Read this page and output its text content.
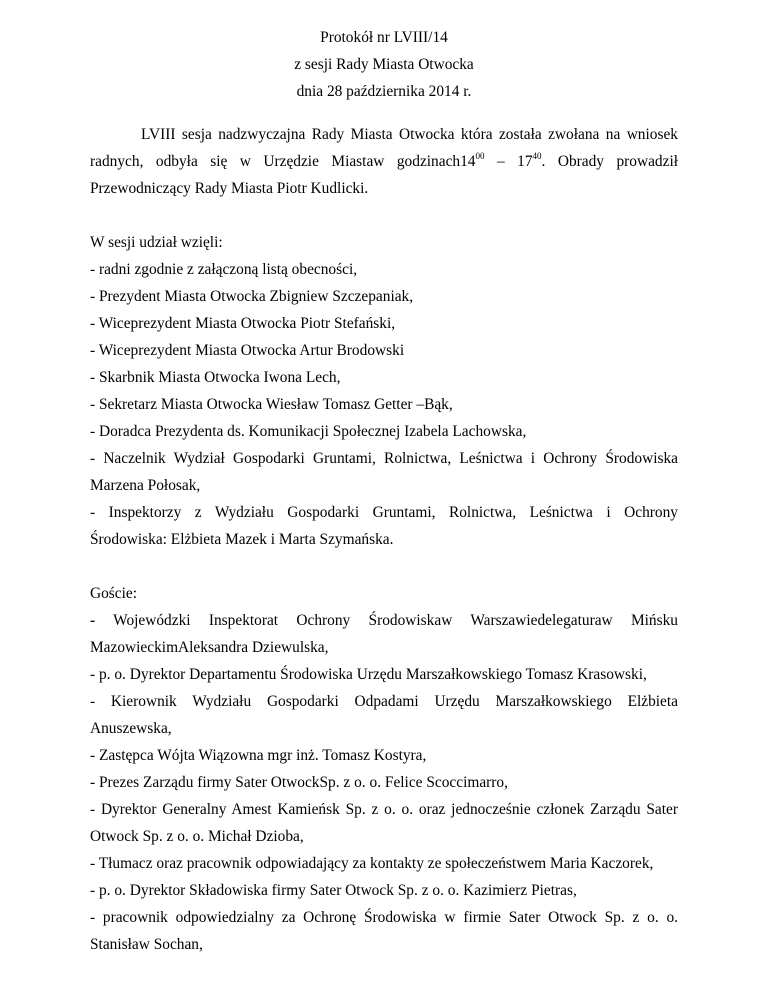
Protokół nr LVIII/14
z sesji Rady Miasta Otwocka
dnia 28 października 2014 r.
LVIII sesja nadzwyczajna Rady Miasta Otwocka która została zwołana na wniosek
radnych, odbyła się w Urzędzie Miastaw $godzinach14^{00} - 17^{40}$. Obrady prowadził
Przewodniczący Rady Miasta Piotr Kudlicki.
W sesji udział wzięli:
- radni zgodnie z załączoną listą obecności,
- Prezydent Miasta Otwocka Zbigniew Szczepaniak,
- Wiceprezydent Miasta Otwocka Piotr Stefański,
- Wiceprezydent Miasta Otwocka Artur Brodowski
- Skarbnik Miasta Otwocka Iwona Lech,
- Sekretarz Miasta Otwocka Wiesław Tomasz Getter –Bąk,
- Doradca Prezydenta ds. Komunikacji Społecznej Izabela Lachowska,
- Naczelnik Wydział Gospodarki Gruntami, Rolnictwa, Leśnictwa i Ochrony Środowiska
Marzena Połosak,
- Inspektorzy z Wydziału Gospodarki Gruntami, Rolnictwa, Leśnictwa i Ochrony
Środowiska: Elżbieta Mazek i Marta Szymańska.
Goście:
- Wojewódzki Inspektorat Ochrony Środowiskaw Warszawiedelegaturaw Mińsku
MazowieckimAleksandra Dziewulska,
- p. o. Dyrektor Departamentu Środowiska Urzędu Marszałkowskiego Tomasz Krasowski,
- Kierownik Wydziału Gospodarki Odpadami Urzędu Marszałkowskiego Elżbieta
Anuszewska,
- Zastępca Wójta Wiązowna mgr inż. Tomasz Kostyra,
- Prezes Zarządu firmy Sater OtwockSp. z o. o. Felice Scoccimarro,
- Dyrektor Generalny Amest Kamieńsk Sp. z o. o. oraz jednocześnie członek Zarządu Sater
Otwock Sp. z o. o. Michał Dzioba,
- Tłumacz oraz pracownik odpowiadający za kontakty ze społeczeństwem Maria Kaczorek,
- p. o. Dyrektor Składowiska firmy Sater Otwock Sp. z o. o. Kazimierz Pietras,
- pracownik odpowiedzialny za Ochronę Środowiska w firmie Sater Otwock Sp. z o. o.
Stanisław Sochan,
